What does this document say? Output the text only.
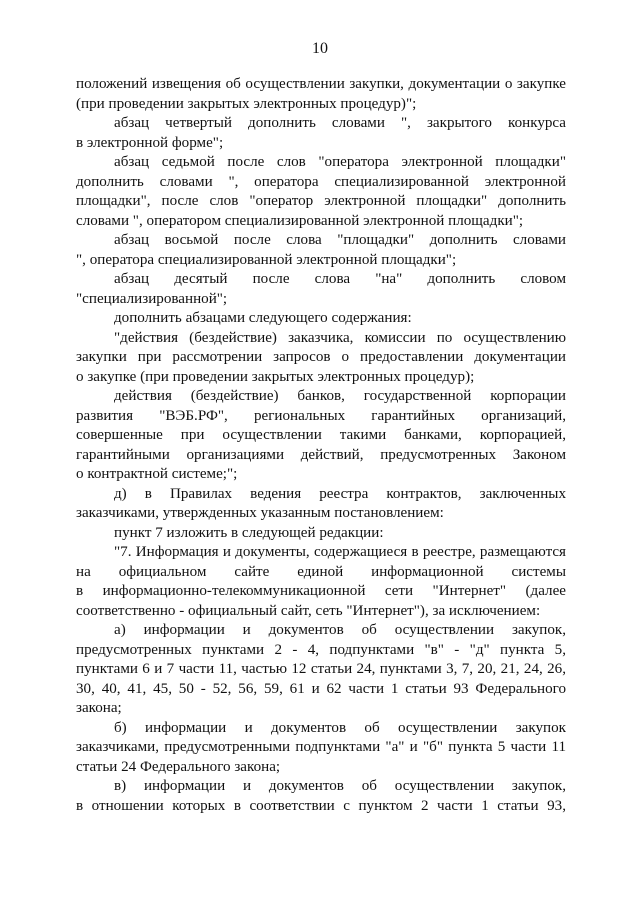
10
положений извещения об осуществлении закупки, документации о закупке
(при проведении закрытых электронных процедур)";
абзац четвертый дополнить словами ", закрытого конкурса
в электронной форме";
абзац седьмой после слов "оператора электронной площадки"
дополнить словами ", оператора специализированной электронной
площадки", после слов "оператор электронной площадки" дополнить
словами ", оператором специализированной электронной площадки";
абзац восьмой после слова "площадки" дополнить словами
", оператора специализированной электронной площадки";
абзац десятый после слова "на" дополнить словом
"специализированной";
дополнить абзацами следующего содержания:
"действия (бездействие) заказчика, комиссии по осуществлению
закупки при рассмотрении запросов о предоставлении документации
о закупке (при проведении закрытых электронных процедур);
действия (бездействие) банков, государственной корпорации
развития "ВЭБ.РФ", региональных гарантийных организаций,
совершенные при осуществлении такими банками, корпорацией,
гарантийными организациями действий, предусмотренных Законом
о контрактной системе;";
д) в Правилах ведения реестра контрактов, заключенных
заказчиками, утвержденных указанным постановлением:
пункт 7 изложить в следующей редакции:
"7. Информация и документы, содержащиеся в реестре, размещаются
на официальном сайте единой информационной системы
в информационно-телекоммуникационной сети "Интернет" (далее
соответственно - официальный сайт, сеть "Интернет"), за исключением:
а) информации и документов об осуществлении закупок,
предусмотренных пунктами 2 - 4, подпунктами "в" - "д" пункта 5,
пунктами 6 и 7 части 11, частью 12 статьи 24, пунктами 3, 7, 20, 21, 24, 26,
30, 40, 41, 45, 50 - 52, 56, 59, 61 и 62 части 1 статьи 93 Федерального
закона;
б) информации и документов об осуществлении закупок
заказчиками, предусмотренными подпунктами "а" и "б" пункта 5 части 11
статьи 24 Федерального закона;
в) информации и документов об осуществлении закупок,
в отношении которых в соответствии с пунктом 2 части 1 статьи 93,
